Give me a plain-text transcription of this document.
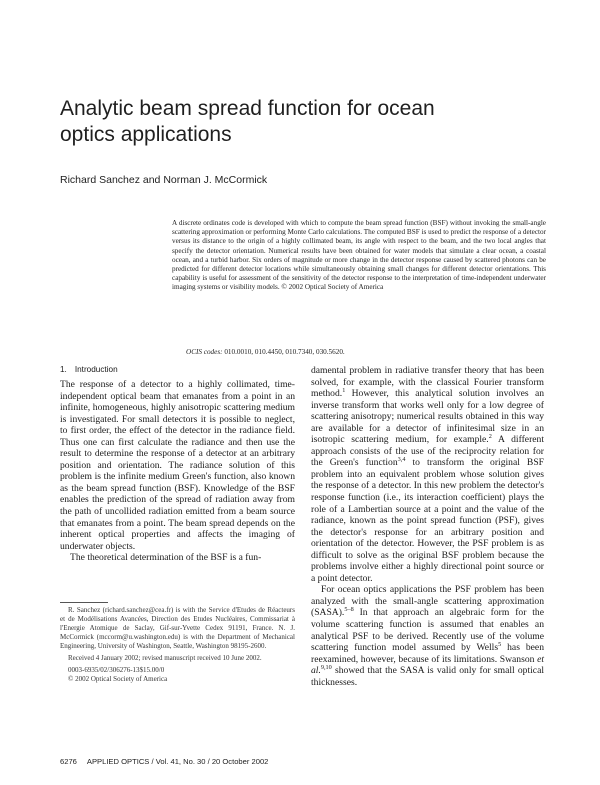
Analytic beam spread function for ocean optics applications
Richard Sanchez and Norman J. McCormick
A discrete ordinates code is developed with which to compute the beam spread function (BSF) without invoking the small-angle scattering approximation or performing Monte Carlo calculations. The computed BSF is used to predict the response of a detector versus its distance to the origin of a highly collimated beam, its angle with respect to the beam, and the two local angles that specify the detector orientation. Numerical results have been obtained for water models that simulate a clear ocean, a coastal ocean, and a turbid harbor. Six orders of magnitude or more change in the detector response caused by scattered photons can be predicted for different detector locations while simultaneously obtaining small changes for different detector orientations. This capability is useful for assessment of the sensitivity of the detector response to the interpretation of time-independent underwater imaging systems or visibility models. © 2002 Optical Society of America
OCIS codes: 010.0010, 010.4450, 010.7340, 030.5620.
1. Introduction

The response of a detector to a highly collimated, time-independent optical beam that emanates from a point in an infinite, homogeneous, highly anisotropic scattering medium is investigated. For small detectors it is possible to neglect, to first order, the effect of the detector in the radiance field. Thus one can first calculate the radiance and then use the result to determine the response of a detector at an arbitrary position and orientation. The radiance solution of this problem is the infinite medium Green's function, also known as the beam spread function (BSF). Knowledge of the BSF enables the prediction of the spread of radiation away from the path of uncollided radiation emitted from a beam source that emanates from a point. The beam spread depends on the inherent optical properties and affects the imaging of underwater objects.

The theoretical determination of the BSF is a fun-

damental problem in radiative transfer theory that has been solved, for example, with the classical Fourier transform method.$^1$ However, this analytical solution involves an inverse transform that works well only for a low degree of scattering anisotropy; numerical results obtained in this way are available for a detector of infinitesimal size in an isotropic scattering medium, for example.$^2$ A different approach consists of the use of the reciprocity relation for the Green's function$^{3,4}$ to transform the original BSF problem into an equivalent problem whose solution gives the response of a detector. In this new problem the detector's response function (i.e., its interaction coefficient) plays the role of a Lambertian source at a point and the value of the radiance, known as the point spread function (PSF), gives the detector's response for an arbitrary position and orientation of the detector. However, the PSF problem is as difficult to solve as the original BSF problem because the problems involve either a highly directional point source or a point detector.

For ocean optics applications the PSF problem has been analyzed with the small-angle scattering approximation (SASA).$^{5-8}$ In that approach an algebraic form for the volume scattering function is assumed that enables an analytical PSF to be derived. Recently use of the volume scattering function model assumed by Wells$^5$ has been reexamined, however, because of its limitations. Swanson et al.$^{9,10}$ showed that the SASA is valid only for small optical thicknesses.

R. Sanchez (richard.sanchez@cea.fr) is with the Service d'Etudes de Réacteurs et de Modélisations Avancées, Direction des Etudes Nucléaires, Commissariat à l'Energie Atomique de Saclay, Gif-sur-Yvette Cedex 91191, France. N. J. McCormick (mccorm@u.washington.edu) is with the Department of Mechanical Engineering, University of Washington, Seattle, Washington 98195-2600.

Received 4 January 2002; revised manuscript received 10 June 2002.

0003-6935/02/306276-13$15.00/0

© 2002 Optical Society of America

6276 APPLIED OPTICS / Vol. 41, No. 30 / 20 October 2002
